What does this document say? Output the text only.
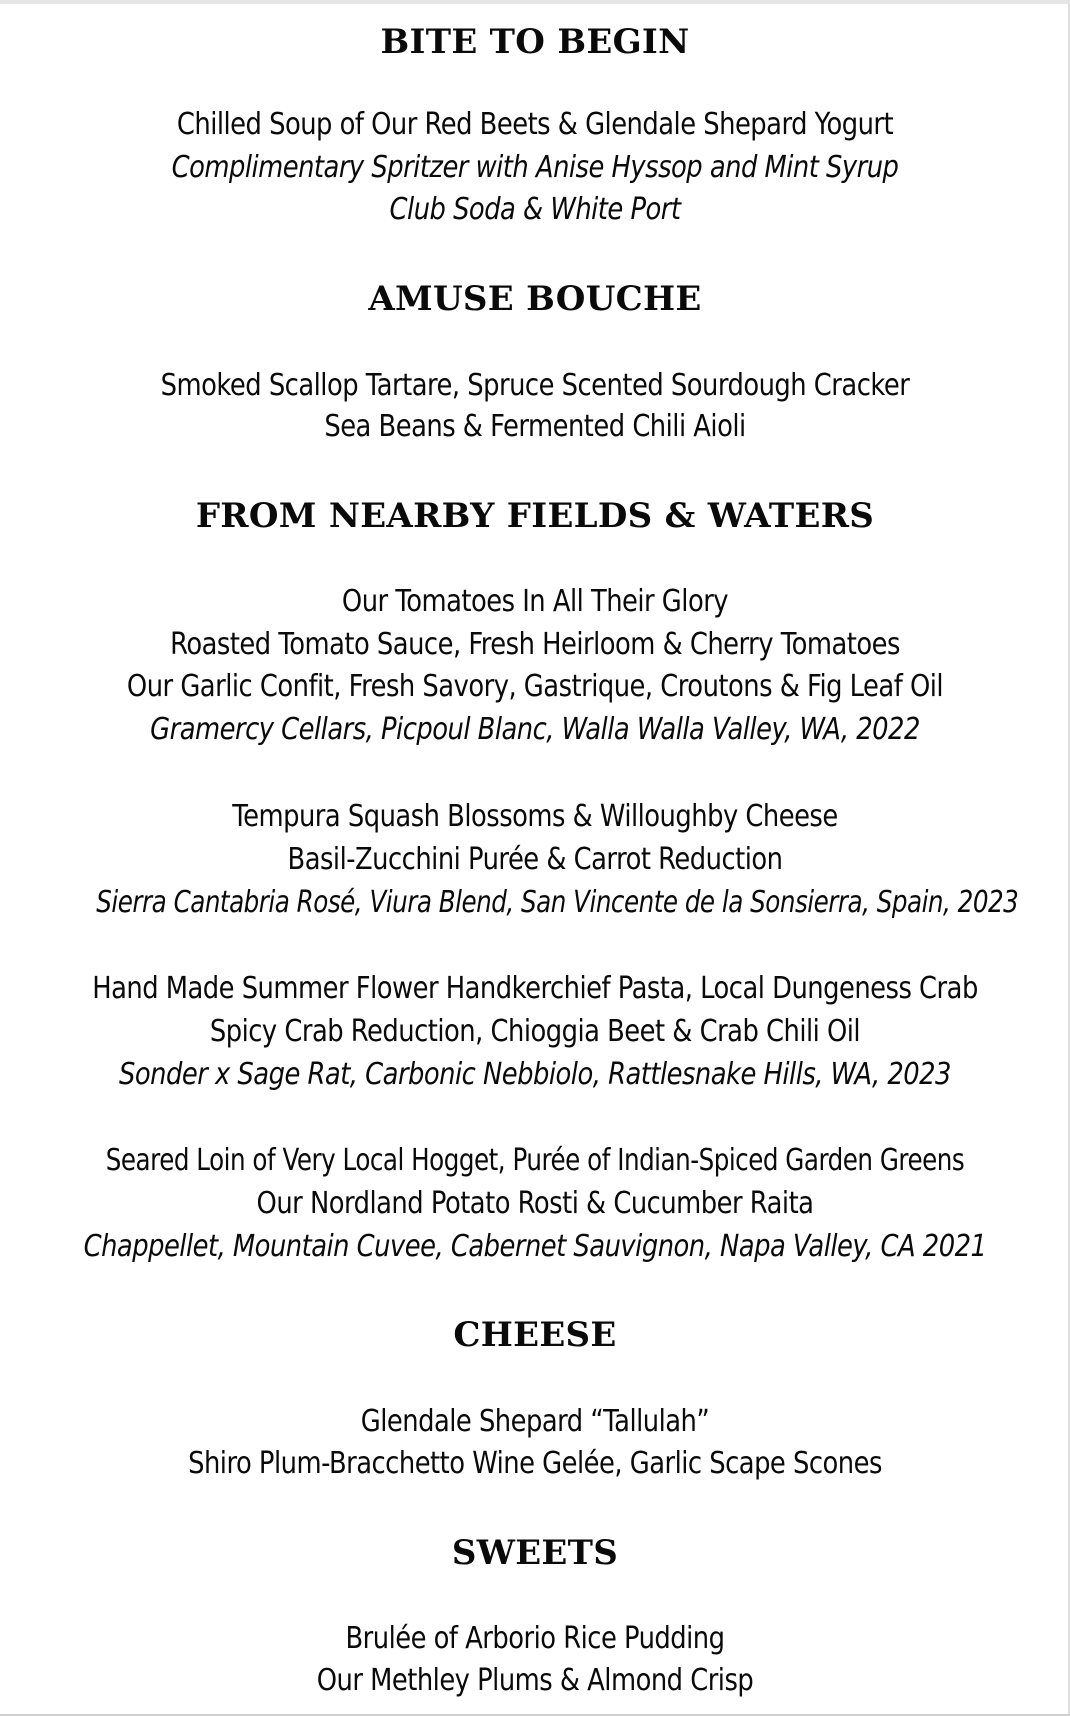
BITE TO BEGIN
Chilled Soup of Our Red Beets & Glendale Shepard Yogurt
Complimentary Spritzer with Anise Hyssop and Mint Syrup
Club Soda & White Port
AMUSE BOUCHE
Smoked Scallop Tartare, Spruce Scented Sourdough Cracker
Sea Beans & Fermented Chili Aioli
FROM NEARBY FIELDS & WATERS
Our Tomatoes In All Their Glory
Roasted Tomato Sauce, Fresh Heirloom & Cherry Tomatoes
Our Garlic Confit, Fresh Savory, Gastrique, Croutons & Fig Leaf Oil
Gramercy Cellars, Picpoul Blanc, Walla Walla Valley, WA, 2022
Tempura Squash Blossoms & Willoughby Cheese
Basil-Zucchini Purée & Carrot Reduction
Sierra Cantabria Rosé, Viura Blend, San Vincente de la Sonsierra, Spain, 2023
Hand Made Summer Flower Handkerchief Pasta, Local Dungeness Crab
Spicy Crab Reduction, Chioggia Beet & Crab Chili Oil
Sonder x Sage Rat, Carbonic Nebbiolo, Rattlesnake Hills, WA, 2023
Seared Loin of Very Local Hogget, Purée of Indian-Spiced Garden Greens
Our Nordland Potato Rosti & Cucumber Raita
Chappellet, Mountain Cuvee, Cabernet Sauvignon, Napa Valley, CA 2021
CHEESE
Glendale Shepard “Tallulah”
Shiro Plum-Bracchetto Wine Gelée, Garlic Scape Scones
SWEETS
Brulée of Arborio Rice Pudding
Our Methley Plums & Almond Crisp
